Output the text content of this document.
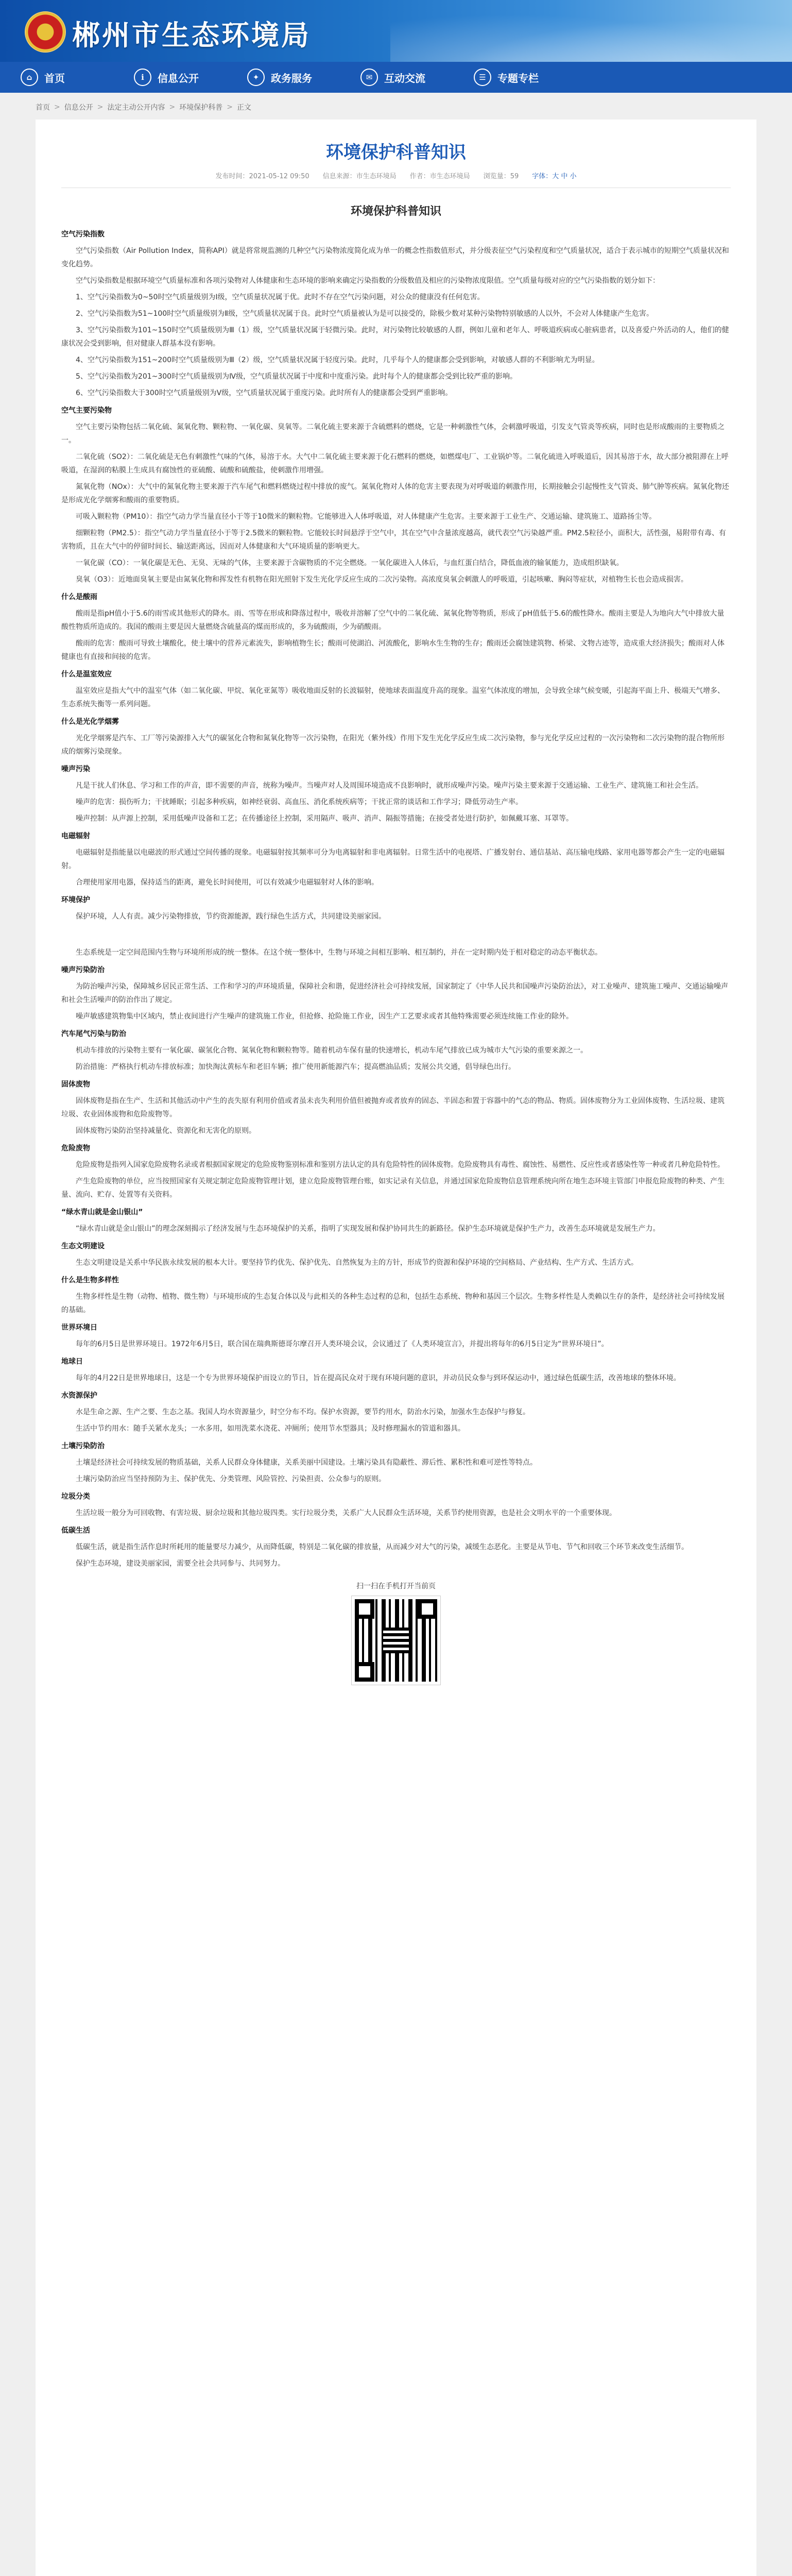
郴州市生态环境局
⌂	首页	ℹ	信息公开	✦	政务服务	✉	互动交流	☰	专题专栏
首页 > 信息公开 > 法定主动公开内容 > 环境保护科普 > 正文
环境保护科普知识
发布时间：2021-05-12 09:50 信息来源：市生态环境局 作者：市生态环境局 浏览量：59 字体：大 中 小
环境保护科普知识

空气污染指数

空气污染指数（Air Pollution Index，简称API）就是将常规监测的几种空气污染物浓度简化成为单一的概念性指数值形式，并分级表征空气污染程度和空气质量状况，适合于表示城市的短期空气质量状况和变化趋势。

空气污染指数是根据环境空气质量标准和各项污染物对人体健康和生态环境的影响来确定污染指数的分级数值及相应的污染物浓度限值。空气质量每级对应的空气污染指数的划分如下：

1、空气污染指数为0~50时空气质量级别为Ⅰ级，空气质量状况属于优。此时不存在空气污染问题，对公众的健康没有任何危害。

2、空气污染指数为51~100时空气质量级别为Ⅱ级，空气质量状况属于良。此时空气质量被认为是可以接受的，除极少数对某种污染物特别敏感的人以外，不会对人体健康产生危害。

3、空气污染指数为101~150时空气质量级别为Ⅲ（1）级，空气质量状况属于轻微污染。此时，对污染物比较敏感的人群，例如儿童和老年人、呼吸道疾病或心脏病患者，以及喜爱户外活动的人，他们的健康状况会受到影响，但对健康人群基本没有影响。

4、空气污染指数为151~200时空气质量级别为Ⅲ（2）级，空气质量状况属于轻度污染。此时，几乎每个人的健康都会受到影响，对敏感人群的不利影响尤为明显。

5、空气污染指数为201~300时空气质量级别为Ⅳ级，空气质量状况属于中度和中度重污染。此时每个人的健康都会受到比较严重的影响。

6、空气污染指数大于300时空气质量级别为Ⅴ级，空气质量状况属于重度污染。此时所有人的健康都会受到严重影响。

空气主要污染物

空气主要污染物包括二氧化硫、氮氧化物、颗粒物、一氧化碳、臭氧等。二氧化硫主要来源于含硫燃料的燃烧，它是一种刺激性气体，会刺激呼吸道，引发支气管炎等疾病，同时也是形成酸雨的主要物质之一。

二氧化硫（SO2）：二氧化硫是无色有刺激性气味的气体，易溶于水。大气中二氧化硫主要来源于化石燃料的燃烧，如燃煤电厂、工业锅炉等。二氧化硫进入呼吸道后，因其易溶于水，故大部分被阻滞在上呼吸道，在湿润的粘膜上生成具有腐蚀性的亚硫酸、硫酸和硫酸盐，使刺激作用增强。

氮氧化物（NOx）：大气中的氮氧化物主要来源于汽车尾气和燃料燃烧过程中排放的废气。氮氧化物对人体的危害主要表现为对呼吸道的刺激作用，长期接触会引起慢性支气管炎、肺气肿等疾病。氮氧化物还是形成光化学烟雾和酸雨的重要物质。

可吸入颗粒物（PM10）：指空气动力学当量直径小于等于10微米的颗粒物。它能够进入人体呼吸道，对人体健康产生危害。主要来源于工业生产、交通运输、建筑施工、道路扬尘等。

细颗粒物（PM2.5）：指空气动力学当量直径小于等于2.5微米的颗粒物。它能较长时间悬浮于空气中，其在空气中含量浓度越高，就代表空气污染越严重。PM2.5粒径小，面积大，活性强，易附带有毒、有害物质，且在大气中的停留时间长、输送距离远，因而对人体健康和大气环境质量的影响更大。

一氧化碳（CO）：一氧化碳是无色、无臭、无味的气体，主要来源于含碳物质的不完全燃烧。一氧化碳进入人体后，与血红蛋白结合，降低血液的输氧能力，造成组织缺氧。

臭氧（O3）：近地面臭氧主要是由氮氧化物和挥发性有机物在阳光照射下发生光化学反应生成的二次污染物。高浓度臭氧会刺激人的呼吸道，引起咳嗽、胸闷等症状，对植物生长也会造成损害。

什么是酸雨

酸雨是指pH值小于5.6的雨雪或其他形式的降水。雨、雪等在形成和降落过程中，吸收并溶解了空气中的二氧化硫、氮氧化物等物质，形成了pH值低于5.6的酸性降水。酸雨主要是人为地向大气中排放大量酸性物质所造成的。我国的酸雨主要是因大量燃烧含硫量高的煤而形成的，多为硫酸雨，少为硝酸雨。

酸雨的危害：酸雨可导致土壤酸化，使土壤中的营养元素流失，影响植物生长；酸雨可使湖泊、河流酸化，影响水生生物的生存；酸雨还会腐蚀建筑物、桥梁、文物古迹等，造成重大经济损失；酸雨对人体健康也有直接和间接的危害。

什么是温室效应

温室效应是指大气中的温室气体（如二氧化碳、甲烷、氧化亚氮等）吸收地面反射的长波辐射，使地球表面温度升高的现象。温室气体浓度的增加，会导致全球气候变暖，引起海平面上升、极端天气增多、生态系统失衡等一系列问题。

什么是光化学烟雾

光化学烟雾是汽车、工厂等污染源排入大气的碳氢化合物和氮氧化物等一次污染物，在阳光（紫外线）作用下发生光化学反应生成二次污染物，参与光化学反应过程的一次污染物和二次污染物的混合物所形成的烟雾污染现象。

噪声污染

凡是干扰人们休息、学习和工作的声音，即不需要的声音，统称为噪声。当噪声对人及周围环境造成不良影响时，就形成噪声污染。噪声污染主要来源于交通运输、工业生产、建筑施工和社会生活。

噪声的危害：损伤听力；干扰睡眠；引起多种疾病，如神经衰弱、高血压、消化系统疾病等；干扰正常的谈话和工作学习；降低劳动生产率。

噪声控制：从声源上控制，采用低噪声设备和工艺；在传播途径上控制，采用隔声、吸声、消声、隔振等措施；在接受者处进行防护，如佩戴耳塞、耳罩等。

电磁辐射

电磁辐射是指能量以电磁波的形式通过空间传播的现象。电磁辐射按其频率可分为电离辐射和非电离辐射。日常生活中的电视塔、广播发射台、通信基站、高压输电线路、家用电器等都会产生一定的电磁辐射。

合理使用家用电器，保持适当的距离，避免长时间使用，可以有效减少电磁辐射对人体的影响。

环境保护

保护环境，人人有责。减少污染物排放，节约资源能源，践行绿色生活方式，共同建设美丽家园。

生态系统是一定空间范围内生物与环境所形成的统一整体。在这个统一整体中，生物与环境之间相互影响、相互制约，并在一定时期内处于相对稳定的动态平衡状态。

噪声污染防治

为防治噪声污染，保障城乡居民正常生活、工作和学习的声环境质量，保障社会和谐，促进经济社会可持续发展，国家制定了《中华人民共和国噪声污染防治法》，对工业噪声、建筑施工噪声、交通运输噪声和社会生活噪声的防治作出了规定。

噪声敏感建筑物集中区域内，禁止夜间进行产生噪声的建筑施工作业，但抢修、抢险施工作业，因生产工艺要求或者其他特殊需要必须连续施工作业的除外。

汽车尾气污染与防治

机动车排放的污染物主要有一氧化碳、碳氢化合物、氮氧化物和颗粒物等。随着机动车保有量的快速增长，机动车尾气排放已成为城市大气污染的重要来源之一。

防治措施：严格执行机动车排放标准；加快淘汰黄标车和老旧车辆；推广使用新能源汽车；提高燃油品质；发展公共交通，倡导绿色出行。

固体废物

固体废物是指在生产、生活和其他活动中产生的丧失原有利用价值或者虽未丧失利用价值但被抛弃或者放弃的固态、半固态和置于容器中的气态的物品、物质。固体废物分为工业固体废物、生活垃圾、建筑垃圾、农业固体废物和危险废物等。

固体废物污染防治坚持减量化、资源化和无害化的原则。

危险废物

危险废物是指列入国家危险废物名录或者根据国家规定的危险废物鉴别标准和鉴别方法认定的具有危险特性的固体废物。危险废物具有毒性、腐蚀性、易燃性、反应性或者感染性等一种或者几种危险特性。

产生危险废物的单位，应当按照国家有关规定制定危险废物管理计划，建立危险废物管理台账，如实记录有关信息，并通过国家危险废物信息管理系统向所在地生态环境主管部门申报危险废物的种类、产生量、流向、贮存、处置等有关资料。

“绿水青山就是金山银山”

“绿水青山就是金山银山”的理念深刻揭示了经济发展与生态环境保护的关系，指明了实现发展和保护协同共生的新路径。保护生态环境就是保护生产力，改善生态环境就是发展生产力。

生态文明建设

生态文明建设是关系中华民族永续发展的根本大计。要坚持节约优先、保护优先、自然恢复为主的方针，形成节约资源和保护环境的空间格局、产业结构、生产方式、生活方式。

什么是生物多样性

生物多样性是生物（动物、植物、微生物）与环境形成的生态复合体以及与此相关的各种生态过程的总和，包括生态系统、物种和基因三个层次。生物多样性是人类赖以生存的条件，是经济社会可持续发展的基础。

世界环境日

每年的6月5日是世界环境日。1972年6月5日，联合国在瑞典斯德哥尔摩召开人类环境会议，会议通过了《人类环境宣言》，并提出将每年的6月5日定为“世界环境日”。

地球日

每年的4月22日是世界地球日，这是一个专为世界环境保护而设立的节日，旨在提高民众对于现有环境问题的意识，并动员民众参与到环保运动中，通过绿色低碳生活，改善地球的整体环境。

水资源保护

水是生命之源、生产之要、生态之基。我国人均水资源量少，时空分布不均。保护水资源，要节约用水，防治水污染，加强水生态保护与修复。

生活中节约用水：随手关紧水龙头；一水多用，如用洗菜水浇花、冲厕所；使用节水型器具；及时修理漏水的管道和器具。

土壤污染防治

土壤是经济社会可持续发展的物质基础，关系人民群众身体健康，关系美丽中国建设。土壤污染具有隐蔽性、滞后性、累积性和难可逆性等特点。

土壤污染防治应当坚持预防为主、保护优先、分类管理、风险管控、污染担责、公众参与的原则。

垃圾分类

生活垃圾一般分为可回收物、有害垃圾、厨余垃圾和其他垃圾四类。实行垃圾分类，关系广大人民群众生活环境，关系节约使用资源，也是社会文明水平的一个重要体现。

低碳生活

低碳生活，就是指生活作息时所耗用的能量要尽力减少，从而降低碳，特别是二氧化碳的排放量，从而减少对大气的污染，减缓生态恶化。主要是从节电、节气和回收三个环节来改变生活细节。

保护生态环境，建设美丽家园，需要全社会共同参与、共同努力。

扫一扫在手机打开当前页
